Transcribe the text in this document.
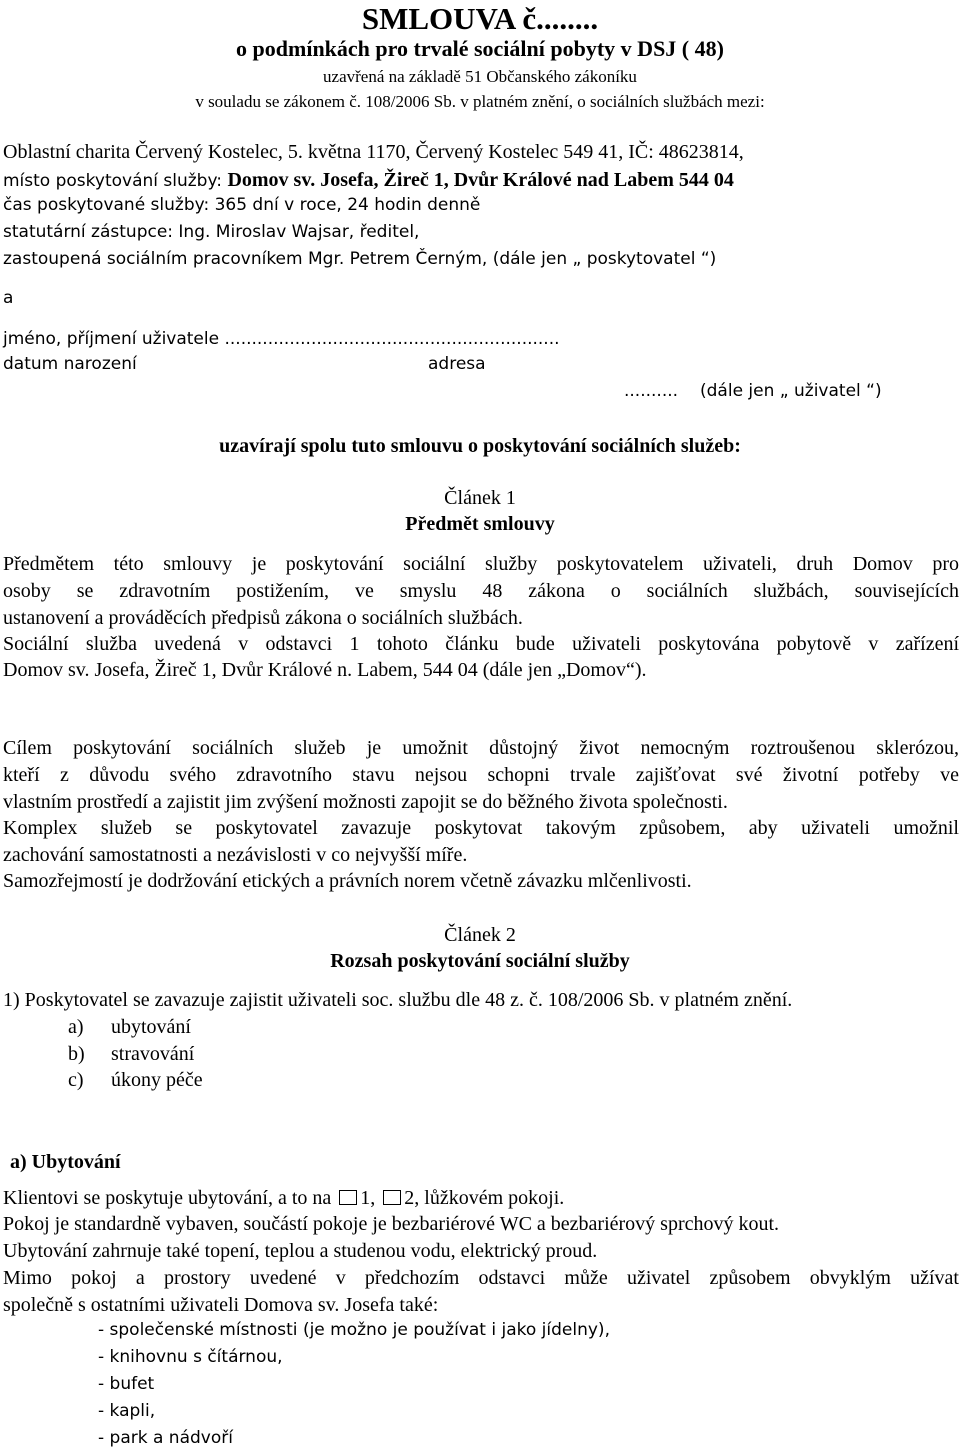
SMLOUVA č........
o podmínkách pro trvalé sociální pobyty v DSJ ( 48)
uzavřená na základě 51 Občanského zákoníku
v souladu se zákonem č. 108/2006 Sb. v platném znění, o sociálních službách mezi:
Oblastní charita Červený Kostelec, 5. května 1170, Červený Kostelec 549 41, IČ: 48623814,
místo poskytování služby: Domov sv. Josefa, Žireč 1, Dvůr Králové nad Labem 544 04
čas poskytované služby: 365 dní v roce, 24 hodin denně
statutární zástupce: Ing. Miroslav Wajsar, ředitel,
zastoupená sociálním pracovníkem Mgr. Petrem Černým, (dále jen „ poskytovatel “)
a
jméno, příjmení uživatele ..............................................................
datum narození	adresa
.......... (dále jen „ uživatel “)
uzavírají spolu tuto smlouvu o poskytování sociálních služeb:
Článek 1
Předmět smlouvy
Předmětem této smlouvy je poskytování sociální služby poskytovatelem uživateli, druh Domov pro
osoby se zdravotním postižením, ve smyslu 48 zákona o sociálních službách, souvisejících
ustanovení a prováděcích předpisů zákona o sociálních službách.
Sociální služba uvedená v odstavci 1 tohoto článku bude uživateli poskytována pobytově v zařízení
Domov sv. Josefa, Žireč 1, Dvůr Králové n. Labem, 544 04 (dále jen „Domov“).
Cílem poskytování sociálních služeb je umožnit důstojný život nemocným roztroušenou sklerózou,
kteří z důvodu svého zdravotního stavu nejsou schopni trvale zajišťovat své životní potřeby ve
vlastním prostředí a zajistit jim zvýšení možnosti zapojit se do běžného života společnosti.
Komplex služeb se poskytovatel zavazuje poskytovat takovým způsobem, aby uživateli umožnil
zachování samostatnosti a nezávislosti v co nejvyšší míře.
Samozřejmostí je dodržování etických a právních norem včetně závazku mlčenlivosti.
Článek 2
Rozsah poskytování sociální služby
1) Poskytovatel se zavazuje zajistit uživateli soc. službu dle 48 z. č. 108/2006 Sb. v platném znění.
a) ubytování
b) stravování
c) úkony péče
a) Ubytování
Klientovi se poskytuje ubytování, a to na 1, 2, lůžkovém pokoji.
Pokoj je standardně vybaven, součástí pokoje je bezbariérové WC a bezbariérový sprchový kout.
Ubytování zahrnuje také topení, teplou a studenou vodu, elektrický proud.
Mimo pokoj a prostory uvedené v předchozím odstavci může uživatel způsobem obvyklým užívat
společně s ostatními uživateli Domova sv. Josefa také:
- společenské místnosti (je možno je používat i jako jídelny),
- knihovnu s čítárnou,
- bufet
- kapli,
- park a nádvoří
